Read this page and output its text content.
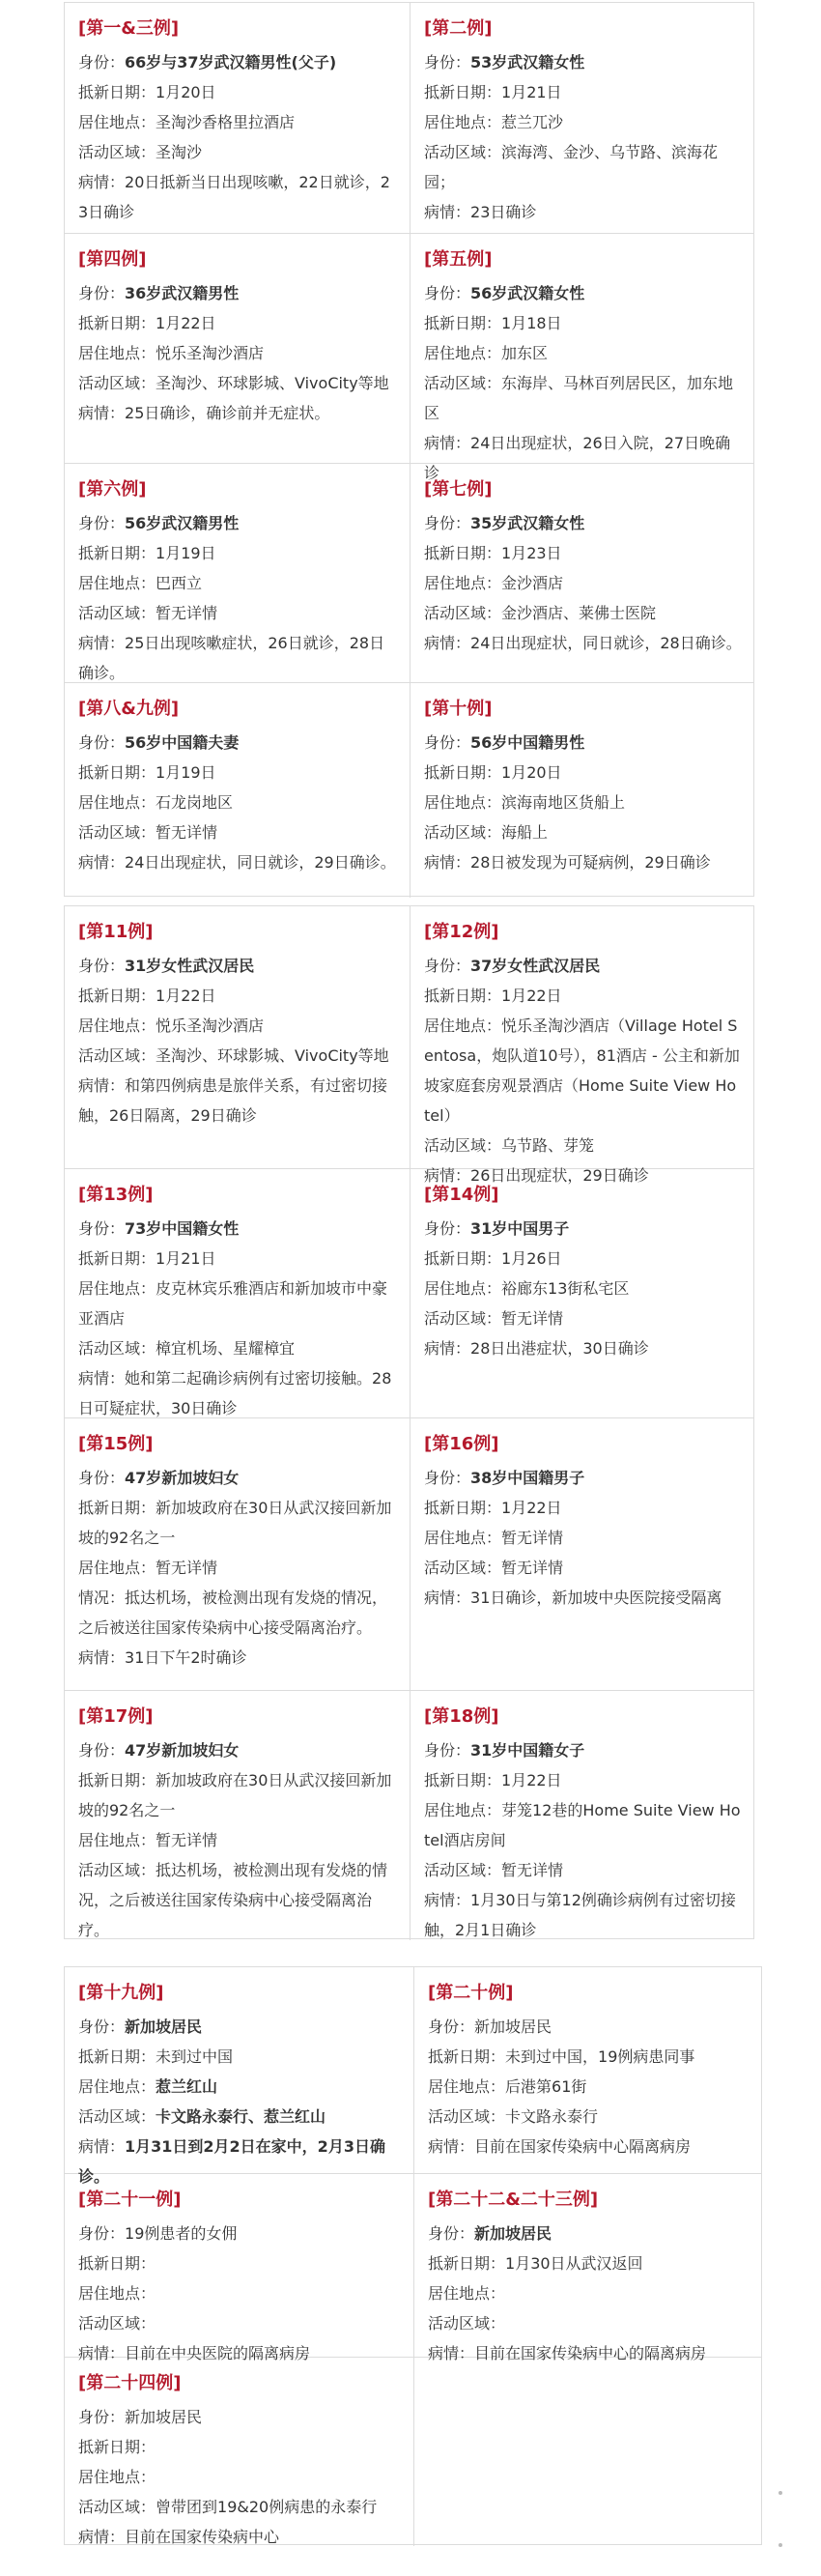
[第一&三例]
身份：66岁与37岁武汉籍男性(父子)
抵新日期：1月20日
居住地点：圣淘沙香格里拉酒店
活动区域：圣淘沙
病情：20日抵新当日出现咳嗽，22日就诊，23日确诊
[第二例]
身份：53岁武汉籍女性
抵新日期：1月21日
居住地点：惹兰兀沙
活动区域：滨海湾、金沙、乌节路、滨海花园；
病情：23日确诊
[第四例]
身份：36岁武汉籍男性
抵新日期：1月22日
居住地点：悦乐圣淘沙酒店
活动区域：圣淘沙、环球影城、VivoCity等地
病情：25日确诊，确诊前并无症状。
[第五例]
身份：56岁武汉籍女性
抵新日期：1月18日
居住地点：加东区
活动区域：东海岸、马林百列居民区，加东地区
病情：24日出现症状，26日入院，27日晚确诊
[第六例]
身份：56岁武汉籍男性
抵新日期：1月19日
居住地点：巴西立
活动区域：暂无详情
病情：25日出现咳嗽症状，26日就诊，28日确诊。
[第七例]
身份：35岁武汉籍女性
抵新日期：1月23日
居住地点：金沙酒店
活动区域：金沙酒店、莱佛士医院
病情：24日出现症状，同日就诊，28日确诊。
[第八&九例]
身份：56岁中国籍夫妻
抵新日期：1月19日
居住地点：石龙岗地区
活动区域：暂无详情
病情：24日出现症状，同日就诊，29日确诊。
[第十例]
身份：56岁中国籍男性
抵新日期：1月20日
居住地点：滨海南地区货船上
活动区域：海船上
病情：28日被发现为可疑病例，29日确诊
[第11例]
身份：31岁女性武汉居民
抵新日期：1月22日
居住地点：悦乐圣淘沙酒店
活动区域：圣淘沙、环球影城、VivoCity等地
病情：和第四例病患是旅伴关系，有过密切接触，26日隔离，29日确诊
[第12例]
身份：37岁女性武汉居民
抵新日期：1月22日
居住地点：悦乐圣淘沙酒店（Village Hotel Sentosa，炮队道10号），81酒店 - 公主和新加坡家庭套房观景酒店（Home Suite View Hotel）
活动区域：乌节路、芽笼
病情：26日出现症状，29日确诊
[第13例]
身份：73岁中国籍女性
抵新日期：1月21日
居住地点：皮克林宾乐雅酒店和新加坡市中豪亚酒店
活动区域：樟宜机场、星耀樟宜
病情：她和第二起确诊病例有过密切接触。28日可疑症状，30日确诊
[第14例]
身份：31岁中国男子
抵新日期：1月26日
居住地点：裕廊东13街私宅区
活动区域：暂无详情
病情：28日出港症状，30日确诊
[第15例]
身份：47岁新加坡妇女
抵新日期：新加坡政府在30日从武汉接回新加坡的92名之一
居住地点：暂无详情
情况：抵达机场，被检测出现有发烧的情况，之后被送往国家传染病中心接受隔离治疗。
病情：31日下午2时确诊
[第16例]
身份：38岁中国籍男子
抵新日期：1月22日
居住地点：暂无详情
活动区域：暂无详情
病情：31日确诊，新加坡中央医院接受隔离
[第17例]
身份：47岁新加坡妇女
抵新日期：新加坡政府在30日从武汉接回新加坡的92名之一
居住地点：暂无详情
活动区域：抵达机场，被检测出现有发烧的情况，之后被送往国家传染病中心接受隔离治疗。
[第18例]
身份：31岁中国籍女子
抵新日期：1月22日
居住地点：芽笼12巷的Home Suite View Hotel酒店房间
活动区域：暂无详情
病情：1月30日与第12例确诊病例有过密切接触，2月1日确诊
[第十九例]
身份：新加坡居民
抵新日期：未到过中国
居住地点：惹兰红山
活动区域：卡文路永泰行、惹兰红山
病情：1月31日到2月2日在家中，2月3日确诊。
[第二十例]
身份：新加坡居民
抵新日期：未到过中国，19例病患同事
居住地点：后港第61街
活动区域：卡文路永泰行
病情：目前在国家传染病中心隔离病房
[第二十一例]
身份：19例患者的女佣
抵新日期：
居住地点：
活动区域：
病情：目前在中央医院的隔离病房
[第二十二&二十三例]
身份：新加坡居民
抵新日期：1月30日从武汉返回
居住地点：
活动区域：
病情：目前在国家传染病中心的隔离病房
[第二十四例]
身份：新加坡居民
抵新日期：
居住地点：
活动区域：曾带团到19&20例病患的永泰行
病情：目前在国家传染病中心
